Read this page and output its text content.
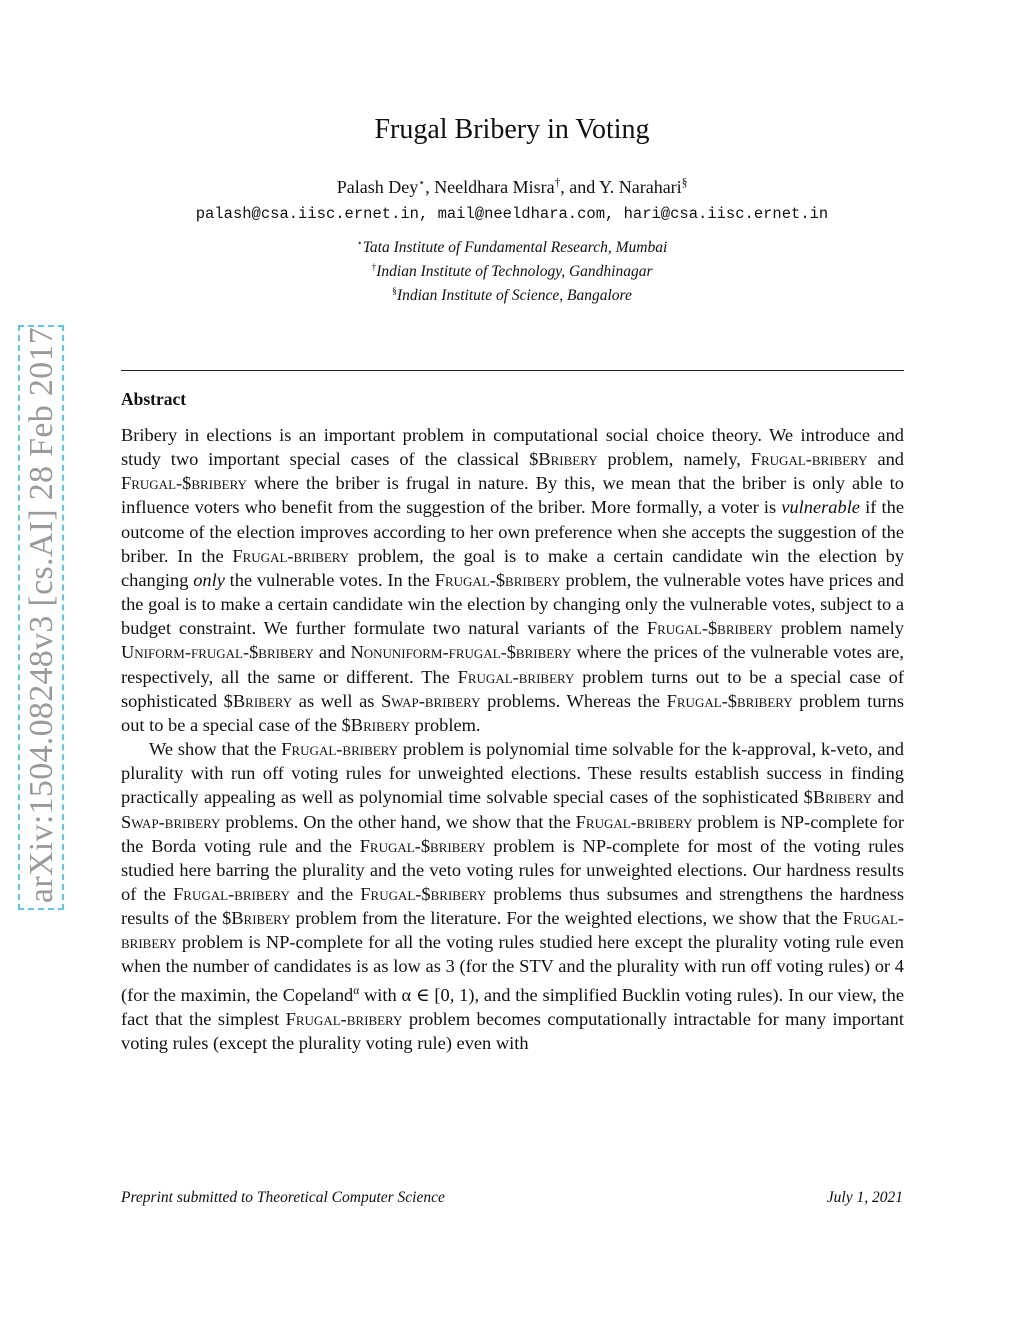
arXiv:1504.08248v3 [cs.AI] 28 Feb 2017
Frugal Bribery in Voting
Palash Dey⋆, Neeldhara Misra†, and Y. Narahari§
palash@csa.iisc.ernet.in, mail@neeldhara.com, hari@csa.iisc.ernet.in
⋆Tata Institute of Fundamental Research, Mumbai
†Indian Institute of Technology, Gandhinagar
§Indian Institute of Science, Bangalore
Abstract

Bribery in elections is an important problem in computational social choice theory. We introduce and study two important special cases of the classical $Bribery problem, namely, Frugal-bribery and Frugal-$bribery where the briber is frugal in nature. By this, we mean that the briber is only able to influence voters who benefit from the suggestion of the briber. More formally, a voter is vulnerable if the outcome of the election improves according to her own preference when she accepts the suggestion of the briber. In the Frugal-bribery problem, the goal is to make a certain candidate win the election by changing only the vulnerable votes. In the Frugal-$bribery problem, the vulnerable votes have prices and the goal is to make a certain candidate win the election by changing only the vulnerable votes, subject to a budget constraint. We further formulate two natural variants of the Frugal-$bribery problem namely Uniform-frugal-$bribery and Nonuniform-frugal-$bribery where the prices of the vulnerable votes are, respectively, all the same or different. The Frugal-bribery problem turns out to be a special case of sophisticated $Bribery as well as Swap-bribery problems. Whereas the Frugal-$bribery problem turns out to be a special case of the $Bribery problem.

We show that the Frugal-bribery problem is polynomial time solvable for the k-approval, k-veto, and plurality with run off voting rules for unweighted elections. These results establish success in finding practically appealing as well as polynomial time solvable special cases of the sophisticated $Bribery and Swap-bribery problems. On the other hand, we show that the Frugal-bribery problem is NP-complete for the Borda voting rule and the Frugal-$bribery problem is NP-complete for most of the voting rules studied here barring the plurality and the veto voting rules for unweighted elections. Our hardness results of the Frugal-bribery and the Frugal-$bribery problems thus subsumes and strengthens the hardness results of the $Bribery problem from the literature. For the weighted elections, we show that the Frugal-bribery problem is NP-complete for all the voting rules studied here except the plurality voting rule even when the number of candidates is as low as 3 (for the STV and the plurality with run off voting rules) or 4 (for the maximin, the Copeland$^\alpha$ with α ∈ [0, 1), and the simplified Bucklin voting rules). In our view, the fact that the simplest Frugal-bribery problem becomes computationally intractable for many important voting rules (except the plurality voting rule) even with

Preprint submitted to Theoretical Computer Science	July 1, 2021
